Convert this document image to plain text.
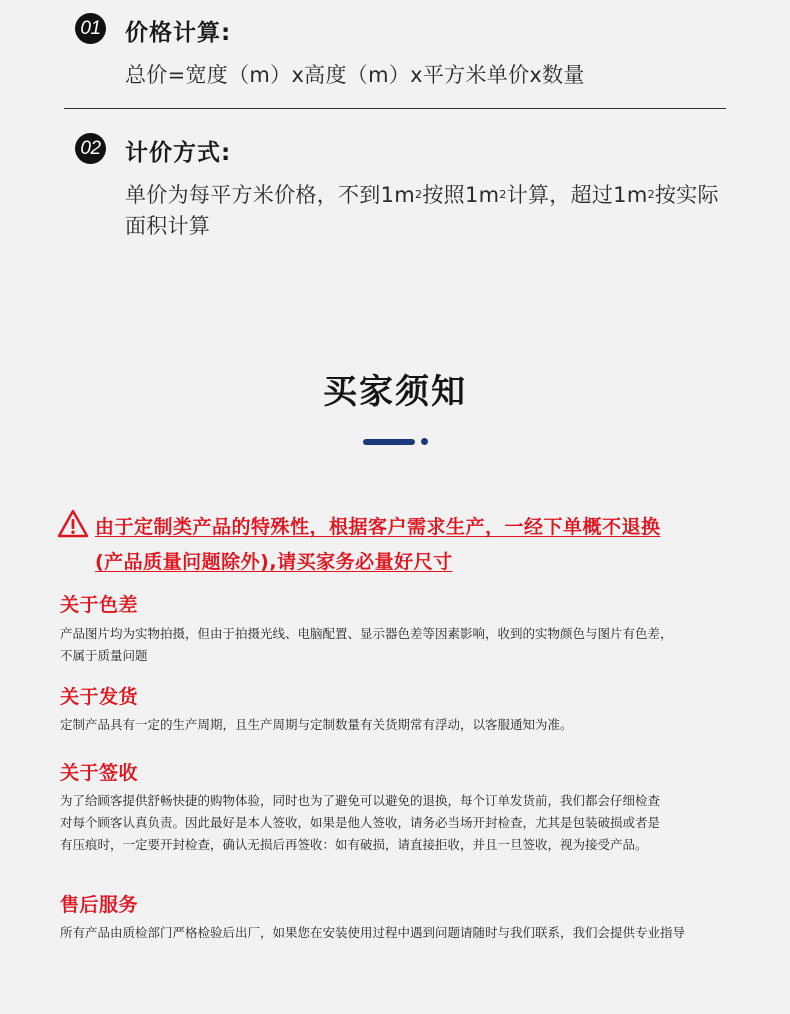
01 价格计算:
总价=宽度（m）x高度（m）x平方米单价x数量
02 计价方式:
单价为每平方米价格，不到$1m^2$按照$1m^2$计算，超过$1m^2$按实际
面积计算
买家须知
由于定制类产品的特殊性，根据客户需求生产，一经下单概不退换
(产品质量问题除外),请买家务必量好尺寸
关于色差
产品图片均为实物拍摄，但由于拍摄光线、电脑配置、显示器色差等因素影响，收到的实物颜色与图片有色差，
不属于质量问题
关于发货
定制产品具有一定的生产周期，且生产周期与定制数量有关货期常有浮动，以客服通知为准。
关于签收
为了给顾客提供舒畅快捷的购物体验，同时也为了避免可以避免的退换，每个订单发货前，我们都会仔细检查
对每个顾客认真负责。因此最好是本人签收，如果是他人签收，请务必当场开封检查，尤其是包装破损或者是
有压痕时，一定要开封检查，确认无损后再签收：如有破损，请直接拒收，并且一旦签收，视为接受产品。
售后服务
所有产品由质检部门严格检验后出厂，如果您在安装使用过程中遇到问题请随时与我们联系，我们会提供专业指导
